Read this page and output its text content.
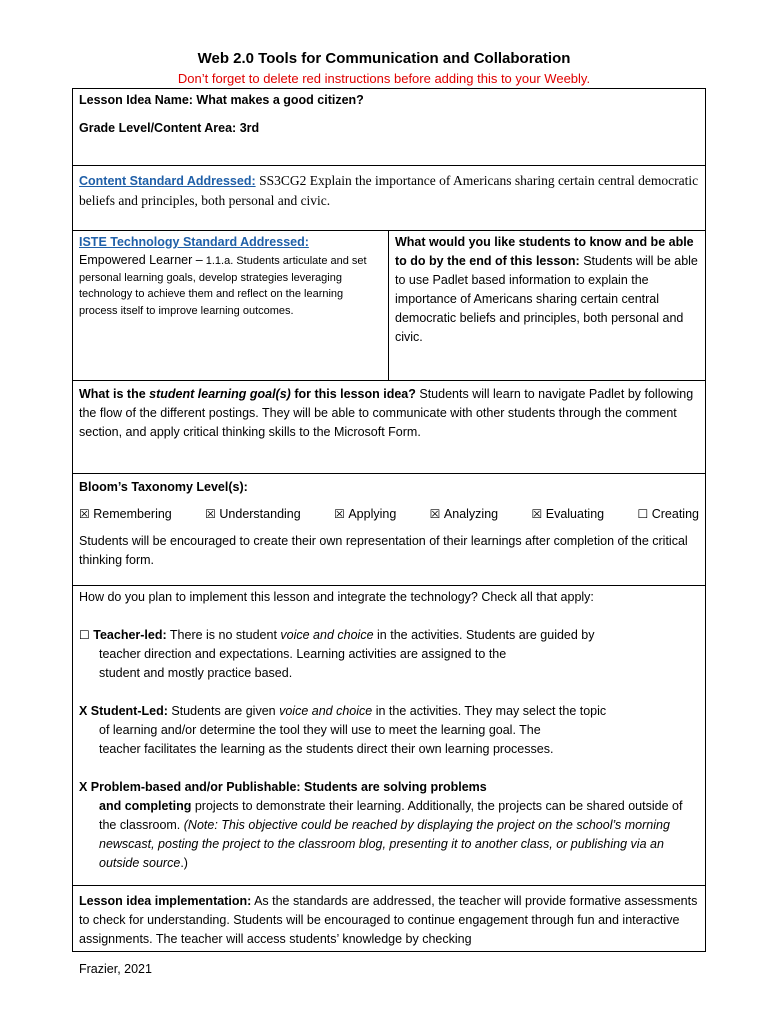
Web 2.0 Tools for Communication and Collaboration
Don’t forget to delete red instructions before adding this to your Weebly.

Lesson Idea Name: What makes a good citizen?

Grade Level/Content Area: 3rd

Content Standard Addressed: SS3CG2 Explain the importance of Americans sharing certain central democratic beliefs and principles, both personal and civic.

ISTE Technology Standard Addressed:

Empowered Learner – 1.1.a. Students articulate and set personal learning goals, develop strategies leveraging technology to achieve them and reflect on the learning process itself to improve learning outcomes.

	What would you like students to know and be able to do by the end of this lesson: Students will be able to use Padlet based information to explain the importance of Americans sharing certain central democratic beliefs and principles, both personal and civic.
What is the student learning goal(s) for this lesson idea? Students will learn to navigate Padlet by following the flow of the different postings. They will be able to communicate with other students through the comment section, and apply critical thinking skills to the Microsoft Form.

Bloom’s Taxonomy Level(s):

☒ Remembering	☒ Understanding	☒ Applying	☒ Analyzing	☒ Evaluating	☐ Creating

Students will be encouraged to create their own representation of their learnings after completion of the critical thinking form.

How do you plan to implement this lesson and integrate the technology? Check all that apply:

☐ Teacher-led: There is no student voice and choice in the activities. Students are guided by

teacher direction and expectations. Learning activities are assigned to the

student and mostly practice based.

X Student-Led: Students are given voice and choice in the activities. They may select the topic

of learning and/or determine the tool they will use to meet the learning goal. The

teacher facilitates the learning as the students direct their own learning processes.

X Problem-based and/or Publishable: Students are solving problems

and completing projects to demonstrate their learning. Additionally, the projects can be shared outside of the classroom. (Note: This objective could be reached by displaying the project on the school’s morning newscast, posting the project to the classroom blog, presenting it to another class, or publishing via an outside source.)

Lesson idea implementation: As the standards are addressed, the teacher will provide formative assessments to check for understanding. Students will be encouraged to continue engagement through fun and interactive assignments. The teacher will access students’ knowledge by checking
Frazier, 2021
